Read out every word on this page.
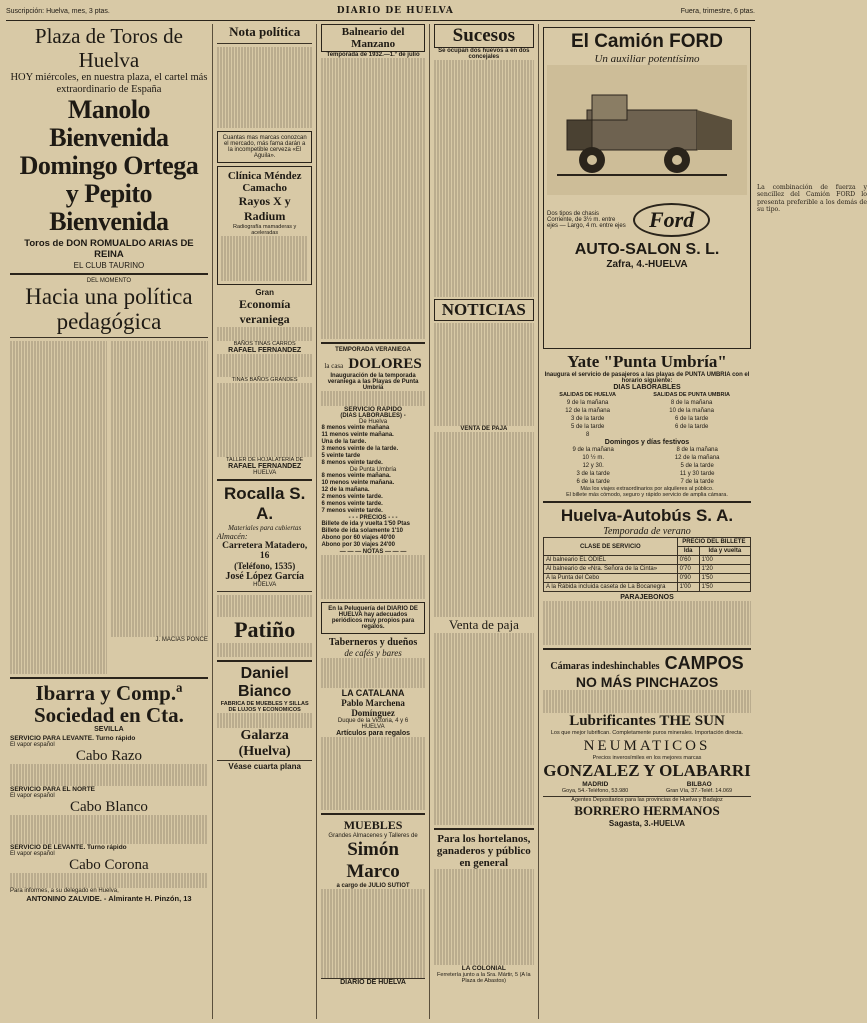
Suscripción: Huelva, mes, 3 ptas.	DIARIO DE HUELVA	Fuera, trimestre, 6 ptas.
Plaza de Toros de Huelva
HOY miércoles, en nuestra plaza, el cartel más extraordinario de España
Manolo Bienvenida
Domingo Ortega
y Pepito Bienvenida
Toros de DON ROMUALDO ARIAS DE REINA
EL CLUB TAURINO
DEL MOMENTO
Hacia una política pedagógica
J. MACIAS PONCE
Ibarra y Comp.ª Sociedad en Cta.
SEVILLA
SERVICIO PARA LEVANTE. Turno rápido
El vapor español
Cabo Razo
SERVICIO PARA EL NORTE
El vapor español
Cabo Blanco
SERVICIO DE LEVANTE. Turno rápido
El vapor español
Cabo Corona
Para informes, a su delegado en Huelva,
ANTONINO ZALVIDE. - Almirante H. Pinzón, 13
Nota política
Cuantas mas marcas conozcan el mercado, más fama darán a la incompetible cerveza «El Aguila».
Clínica Méndez Camacho
Rayos X y Radium
Radiografía mamaderas y aceleradas
Gran
Economía veraniega
BAÑOS TINAS CARROS
RAFAEL FERNANDEZ
TINAS BAÑOS GRANDES
TALLER DE HOJALATERIA DE
RAFAEL FERNANDEZ
HUELVA
Rocalla S. A.
Materiales para cubiertas
Almacén:
Carretera Matadero, 16
(Teléfono, 1535)
José López García
HUELVA
Patiño
Daniel Bianco
FABRICA DE MUEBLES Y SILLAS DE LUJOS Y ECONOMICOS
Galarza (Huelva)
Véase cuarta plana
Balneario del Manzano
Temporada de 1932.—1.º de julio
TEMPORADA VERANIEGA
la casa DOLORES
Inauguración de la temporada veraniega a las Playas de Punta Umbría
SERVICIO RAPIDO
(DIAS LABORABLES) -
De Huelva
8 menos veinte mañana
11 menos veinte mañana.
Una de la tarde.
3 menos veinte de la tarde.
5 veinte tarde
8 menos veinte tarde.
De Punta Umbría
8 menos veinte mañana.
10 menos veinte mañana.
12 de la mañana.
2 menos veinte tarde.
6 menos veinte tarde.
7 menos veinte tarde.
- - - PRECIOS - - -
Billete de ida y vuelta 1'50 Ptas
Billete de ida solamente 1'10
Abono por 60 viajes 40'00
Abono por 30 viajes 24'00
— — — NOTAS — — —
En la Peluquería del DIARIO DE HUELVA hay adecuados periódicos muy propios para regalos.
Taberneros y dueños
de cafés y bares
LA CATALANA
Pablo Marchena Domínguez
Duque de la Victoria, 4 y 6
HUELVA
Artículos para regalos
MUEBLES
Grandes Almacenes y Talleres de
Simón Marco
a cargo de JULIO SUTIOT
DIARIO DE HUELVA
Sucesos
Se ocupan dos huevos a en dos concejales
NOTICIAS
VENTA DE PAJA
Venta de paja
Para los hortelanos, ganaderos y público en general
LA COLONIAL
Ferretería junto a la Sra. Mártir, 5 (A la Plaza de Abastos)
El Camión FORD
Un auxiliar potentísimo
La combinación de fuerza y sencillez del Camión FORD lo presenta preferible a los demás de su tipo.
Dos tipos de chasis Corriente, de 3½ m. entre ejes — Largo, 4 m. entre ejes	Ford
AUTO-SALON S. L.
Zafra, 4.-HUELVA
Yate "Punta Umbría"
Inaugura el servicio de pasajeros a las playas de PUNTA UMBRIA con el horario siguiente:
DIAS LABORABLES
SALIDAS DE HUELVA	SALIDAS DE PUNTA UMBRIA
9 de la mañana	8 de la mañana
12 de la mañana	10 de la mañana
3 de la tarde	6 de la tarde
5 de la tarde	6 de la tarde
8	
Domingos y días festivos
9 de la mañana	8 de la mañana
10 ½ m.	12 de la mañana
12 y 30.	5 de la tarde
3 de la tarde	11 y 30 tarde
6 de la tarde	7 de la tarde
Más los viajes extraordinarios por alquileres al público.
El billete más cómodo, seguro y rápido servicio de amplia cámara.
Huelva-Autobús S. A.
Temporada de verano
CLASE DE SERVICIO	PRECIO DEL BILLETE	
	Ida	Ida y vuelta
Al balneario EL ODIEL	0'60	1'00
Al balneario de «Nra. Señora de la Cinta»	0'70	1'20
A la Punta del Cebo	0'90	1'50
A la Rábida incluida caseta de La Bocanegra	1'00	1'50
PARAJEBONOS
Cámaras indeshinchables CAMPOS
NO MÁS PINCHAZOS
Lubrificantes THE SUN
Los que mejor lubrifican. Completamente puros minerales. Importación directa.
NEUMATICOS
Precios inverosímiles en los mejores marcas
GONZALEZ Y OLABARRI
MADRID	BILBAO
Goya, 54.-Teléfono, 53.980	Gran Vía, 37.-Teléf. 14.069
Agentes Depositarios para las provincias de Huelva y Badajoz
BORRERO HERMANOS
Sagasta, 3.-HUELVA
